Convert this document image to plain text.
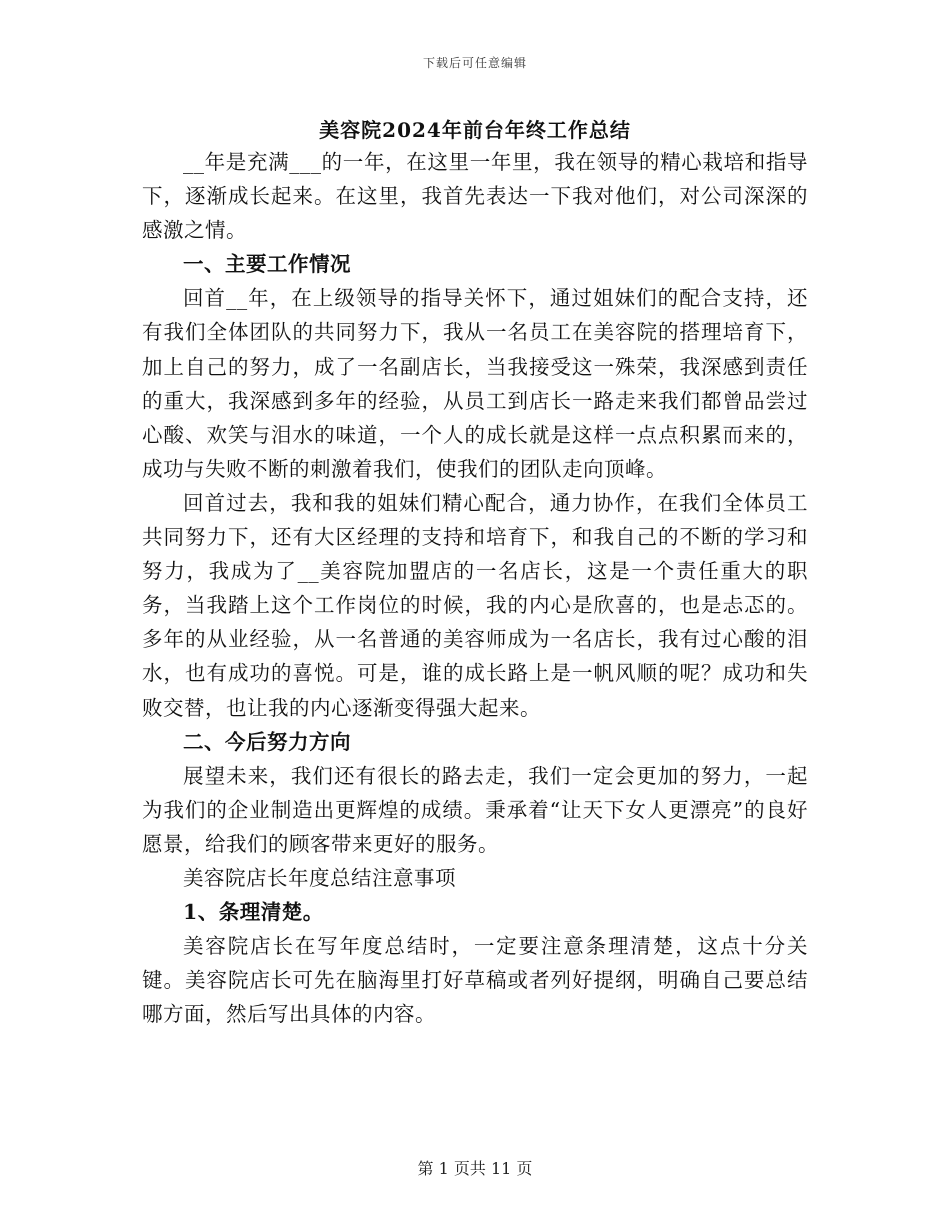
下载后可任意编辑
美容院2024年前台年终工作总结

__年是充满___的一年，在这里一年里，我在领导的精心栽培和指导下，逐渐成长起来。在这里，我首先表达一下我对他们，对公司深深的感激之情。

一、主要工作情况

回首__年，在上级领导的指导关怀下，通过姐妹们的配合支持，还有我们全体团队的共同努力下，我从一名员工在美容院的搭理培育下，加上自己的努力，成了一名副店长，当我接受这一殊荣，我深感到责任的重大，我深感到多年的经验，从员工到店长一路走来我们都曾品尝过心酸、欢笑与泪水的味道，一个人的成长就是这样一点点积累而来的，成功与失败不断的刺激着我们，使我们的团队走向顶峰。

回首过去，我和我的姐妹们精心配合，通力协作，在我们全体员工共同努力下，还有大区经理的支持和培育下，和我自己的不断的学习和努力，我成为了__美容院加盟店的一名店长，这是一个责任重大的职务，当我踏上这个工作岗位的时候，我的内心是欣喜的，也是忐忑的。多年的从业经验，从一名普通的美容师成为一名店长，我有过心酸的泪水，也有成功的喜悦。可是，谁的成长路上是一帆风顺的呢？成功和失败交替，也让我的内心逐渐变得强大起来。

二、今后努力方向

展望未来，我们还有很长的路去走，我们一定会更加的努力，一起为我们的企业制造出更辉煌的成绩。秉承着“让天下女人更漂亮”的良好愿景，给我们的顾客带来更好的服务。

美容院店长年度总结注意事项

1、条理清楚。

美容院店长在写年度总结时，一定要注意条理清楚，这点十分关键。美容院店长可先在脑海里打好草稿或者列好提纲，明确自己要总结哪方面，然后写出具体的内容。

第 1 页共 11 页
